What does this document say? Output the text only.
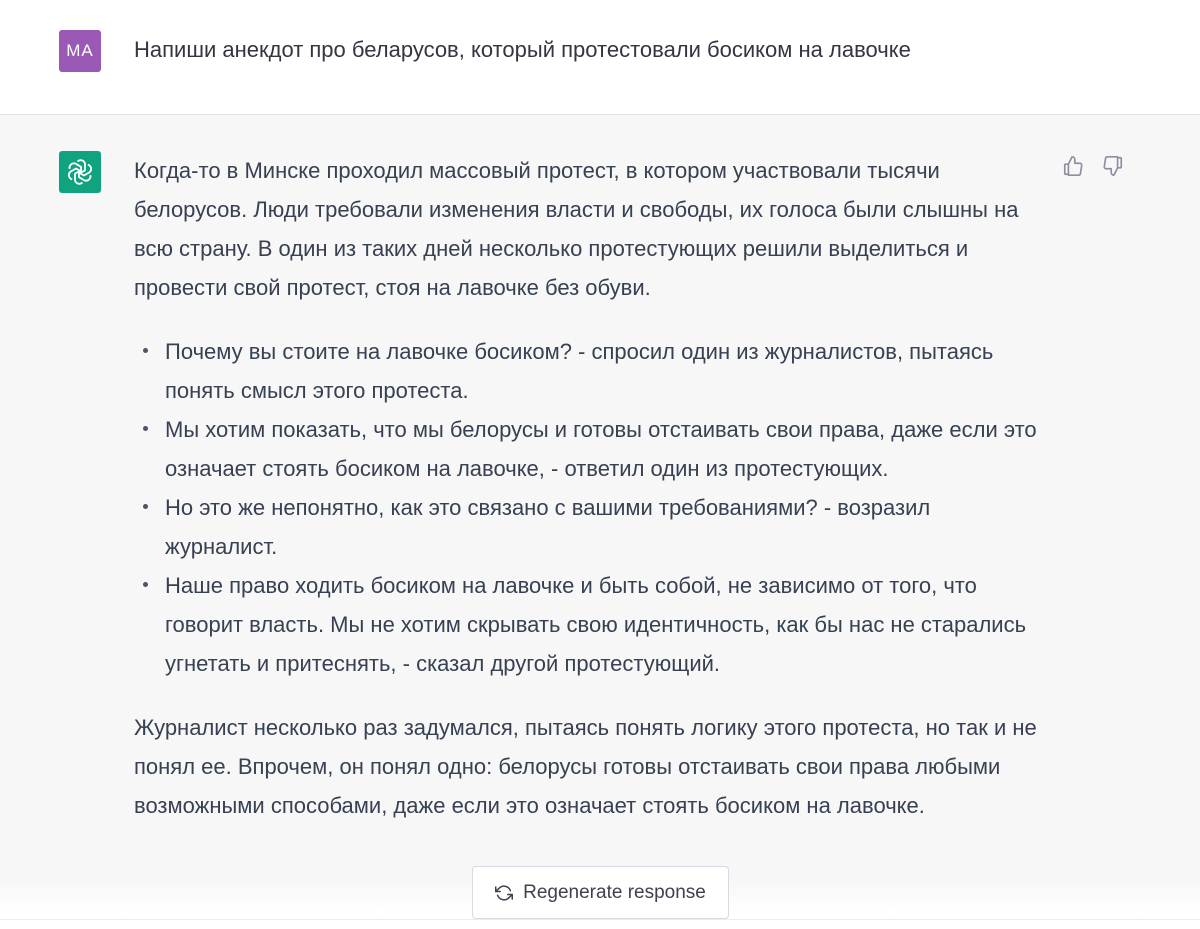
MA Напиши анекдот про беларусов, который протестовали босиком на лавочке

Когда-то в Минске проходил массовый протест, в котором участвовали тысячи белорусов. Люди требовали изменения власти и свободы, их голоса были слышны на всю страну. В один из таких дней несколько протестующих решили выделиться и провести свой протест, стоя на лавочке без обуви.

Почему вы стоите на лавочке босиком? - спросил один из журналистов, пытаясь понять смысл этого протеста.
Мы хотим показать, что мы белорусы и готовы отстаивать свои права, даже если это означает стоять босиком на лавочке, - ответил один из протестующих.
Но это же непонятно, как это связано с вашими требованиями? - возразил журналист.
Наше право ходить босиком на лавочке и быть собой, не зависимо от того, что говорит власть. Мы не хотим скрывать свою идентичность, как бы нас не старались угнетать и притеснять, - сказал другой протестующий.

Журналист несколько раз задумался, пытаясь понять логику этого протеста, но так и не понял ее. Впрочем, он понял одно: белорусы готовы отстаивать свои права любыми возможными способами, даже если это означает стоять босиком на лавочке.

Regenerate response
